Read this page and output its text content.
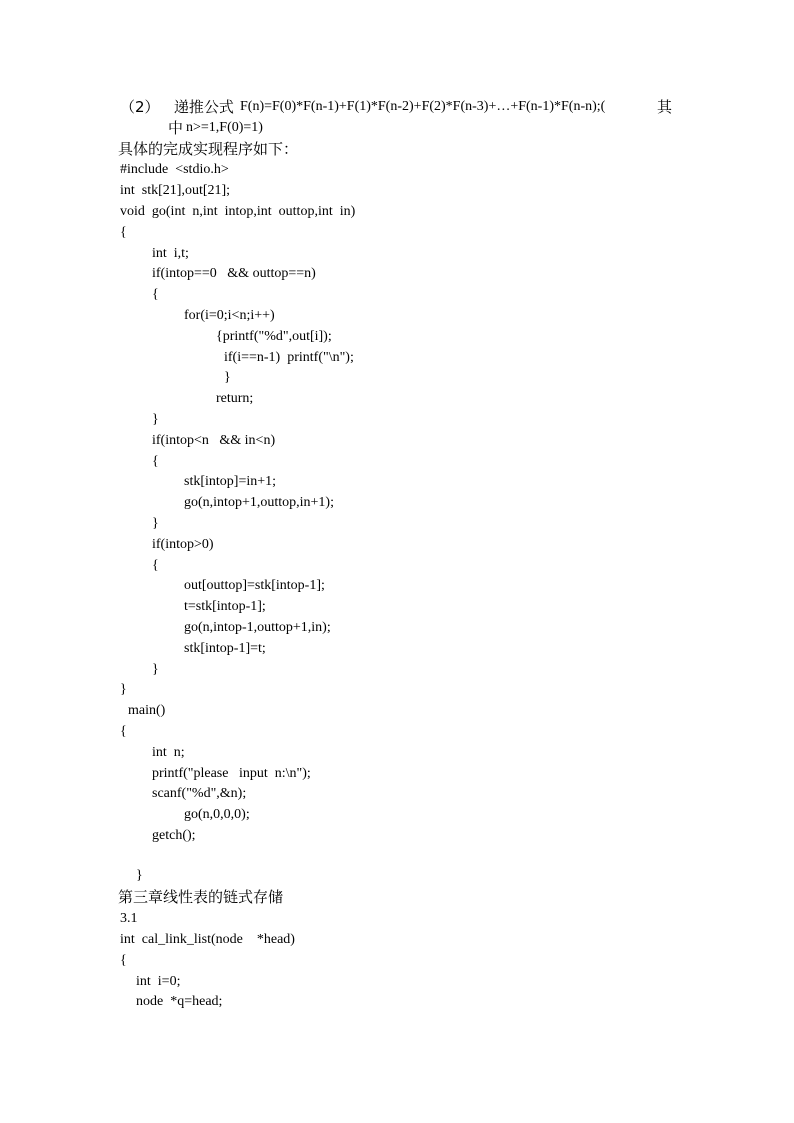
（2）   递推公式 F(n)=F(0)*F(n-1)+F(1)*F(n-2)+F(2)*F(n-3)+…+F(n-1)*F(n-n);(	其
中 n>=1,F(0)=1)
具体的完成实现程序如下：
#include  <stdio.h>
int  stk[21],out[21];
void  go(int  n,int  intop,int  outtop,int  in)
{
int  i,t;
if(intop==0   && outtop==n)
{
for(i=0;i<n;i++)
{printf("%d",out[i]);
if(i==n-1)  printf("\n");
}
return;
}
if(intop<n   && in<n)
{
stk[intop]=in+1;
go(n,intop+1,outtop,in+1);
}
if(intop>0)
{
out[outtop]=stk[intop-1];
t=stk[intop-1];
go(n,intop-1,outtop+1,in);
stk[intop-1]=t;
}
}
main()
{
int  n;
printf("please   input  n:\n");
scanf("%d",&n);
go(n,0,0,0);
getch();
}
第三章线性表的链式存储
3.1
int  cal_link_list(node    *head)
{
int  i=0;
node  *q=head;
